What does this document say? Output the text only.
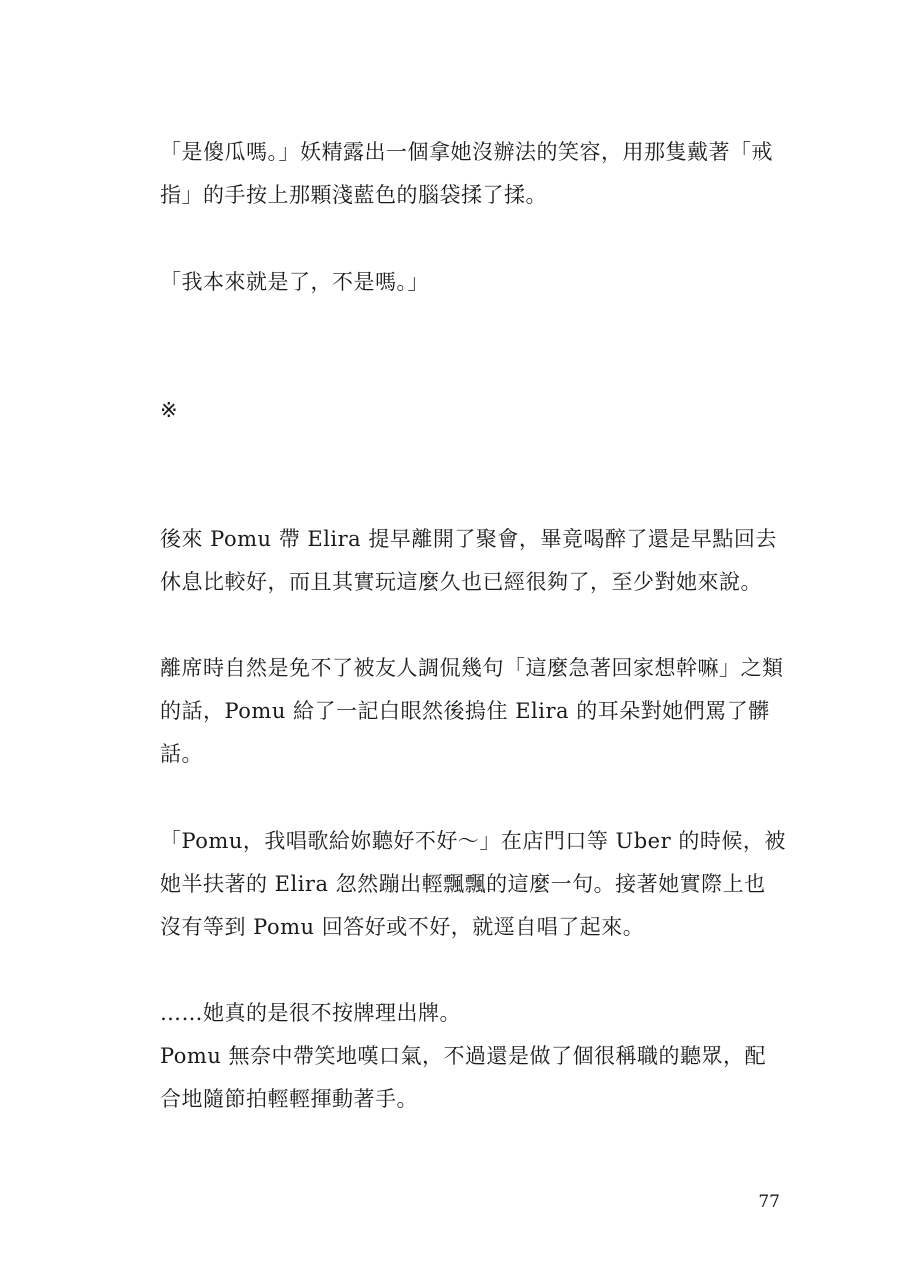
「是傻瓜嗎。」妖精露出一個拿她沒辦法的笑容，用那隻戴著「戒
指」的手按上那顆淺藍色的腦袋揉了揉。
「我本來就是了，不是嗎。」
※
後來 Pomu 帶 Elira 提早離開了聚會，畢竟喝醉了還是早點回去
休息比較好，而且其實玩這麼久也已經很夠了，至少對她來說。
離席時自然是免不了被友人調侃幾句「這麼急著回家想幹嘛」之類
的話，Pomu 給了一記白眼然後摀住 Elira 的耳朵對她們罵了髒
話。
「Pomu，我唱歌給妳聽好不好～」在店門口等 Uber 的時候，被
她半扶著的 Elira 忽然蹦出輕飄飄的這麼一句。接著她實際上也
沒有等到 Pomu 回答好或不好，就逕自唱了起來。
……她真的是很不按牌理出牌。
Pomu 無奈中帶笑地嘆口氣，不過還是做了個很稱職的聽眾，配
合地隨節拍輕輕揮動著手。
77
